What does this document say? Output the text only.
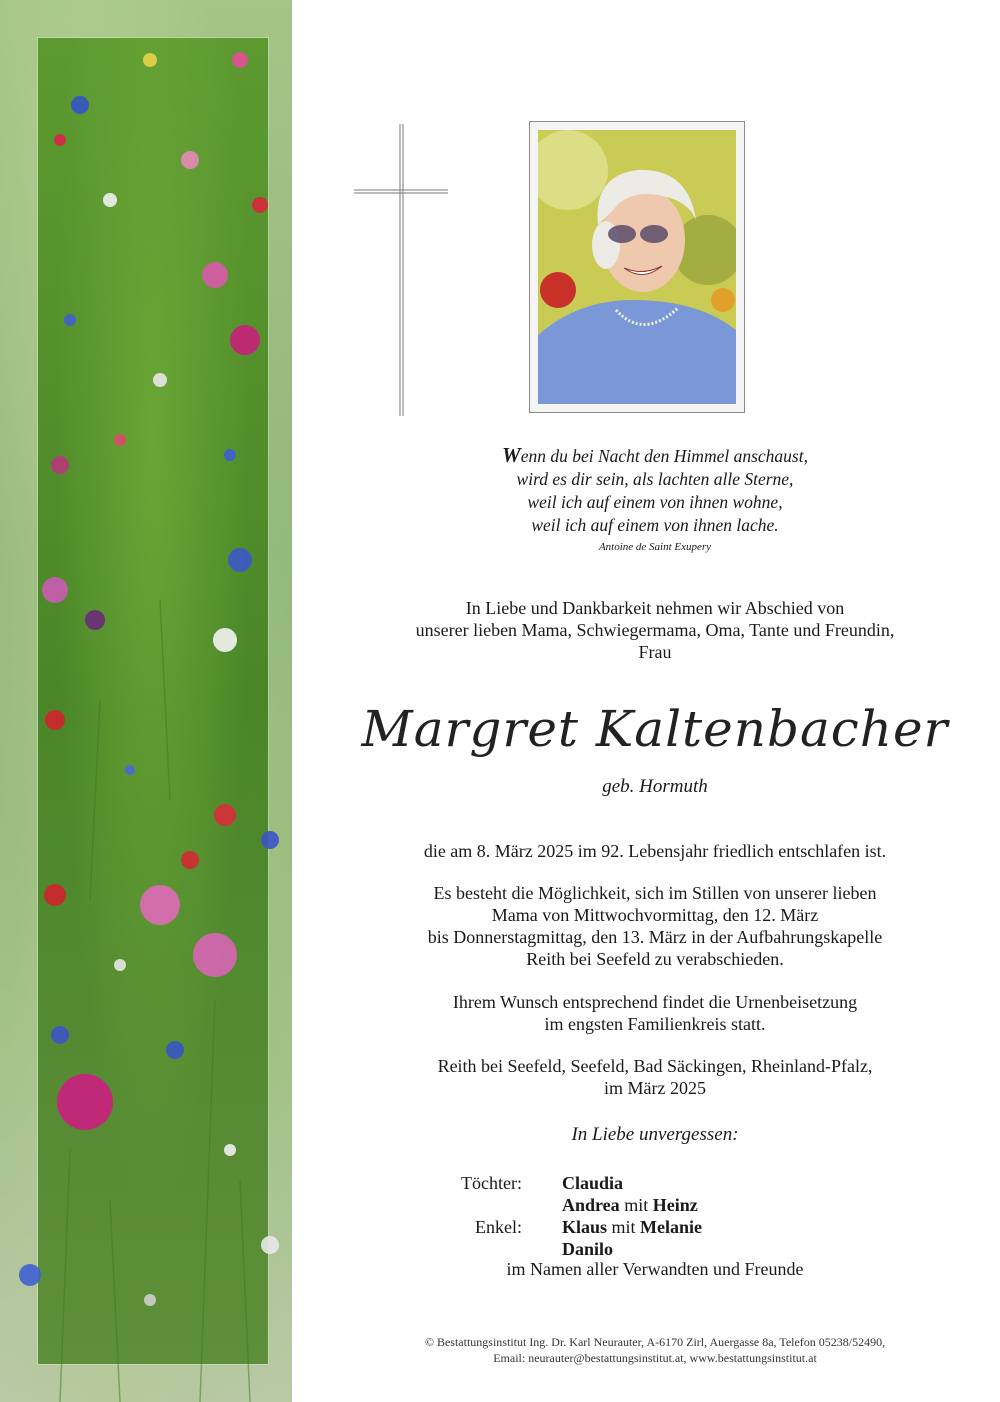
Wenn du bei Nacht den Himmel anschaust,
wird es dir sein, als lachten alle Sterne,
weil ich auf einem von ihnen wohne,
weil ich auf einem von ihnen lache.
Antoine de Saint Exupery
In Liebe und Dankbarkeit nehmen wir Abschied von
unserer lieben Mama, Schwiegermama, Oma, Tante und Freundin,
Frau
Margret Kaltenbacher
geb. Hormuth
die am 8. März 2025 im 92. Lebensjahr friedlich entschlafen ist.
Es besteht die Möglichkeit, sich im Stillen von unserer lieben
Mama von Mittwochvormittag, den 12. März
bis Donnerstagmittag, den 13. März in der Aufbahrungskapelle
Reith bei Seefeld zu verabschieden.
Ihrem Wunsch entsprechend findet die Urnenbeisetzung
im engsten Familienkreis statt.
Reith bei Seefeld, Seefeld, Bad Säckingen, Rheinland-Pfalz,
im März 2025
In Liebe unvergessen:
Töchter:	Claudia
Andrea mit Heinz
Enkel:	Klaus mit Melanie
Danilo
im Namen aller Verwandten und Freunde
© Bestattungsinstitut Ing. Dr. Karl Neurauter, A-6170 Zirl, Auergasse 8a, Telefon 05238/52490,
Email: neurauter@bestattungsinstitut.at, www.bestattungsinstitut.at
